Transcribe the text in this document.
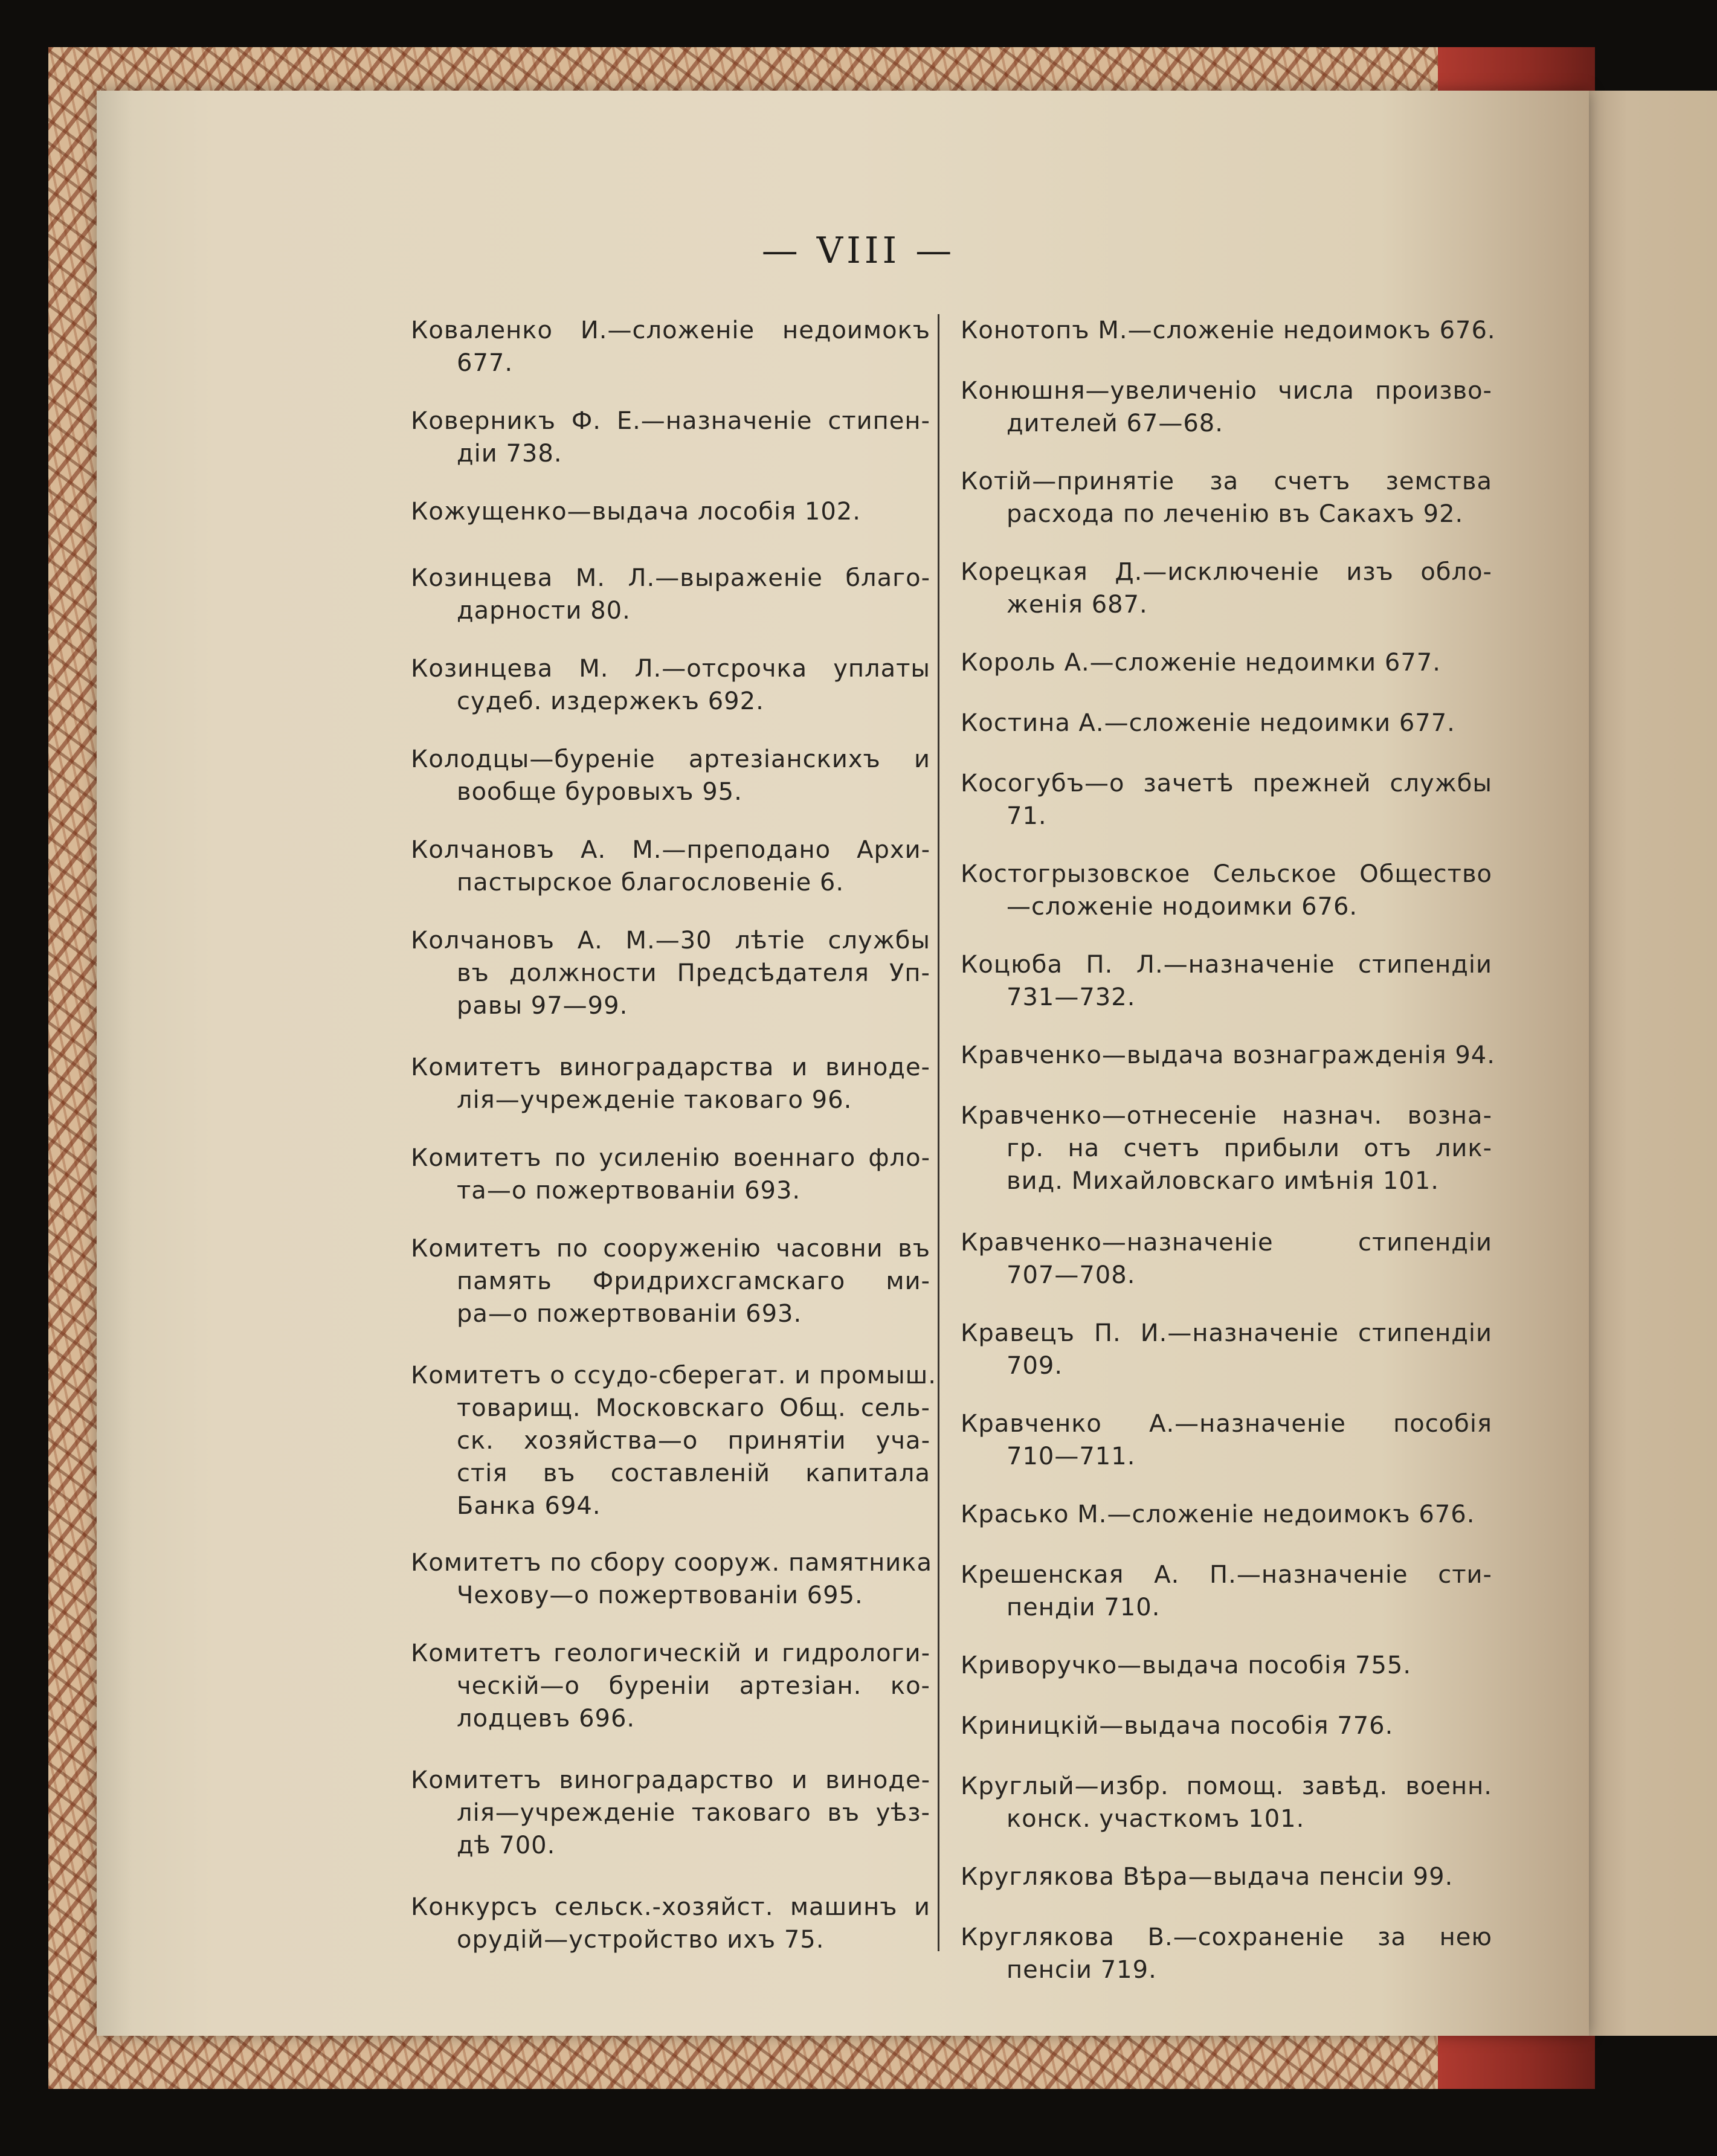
— VIII —
Коваленко И.—сложеніе недоимокъ
677.
Коверникъ Ф. Е.—назначеніе стипен-
діи 738.
Кожущенко—выдача лособія 102.
Козинцева М. Л.—выраженіе благо-
дарности 80.
Козинцева М. Л.—отсрочка уплаты
судеб. издержекъ 692.
Колодцы—буреніе артезіанскихъ и
вообще буровыхъ 95.
Колчановъ А. М.—преподано Архи-
пастырское благословеніе 6.
Колчановъ А. М.—30 лѣтіе службы
въ должности Предсѣдателя Уп-
равы 97—99.
Комитетъ виноградарства и виноде-
лія—учрежденіе таковаго 96.
Комитетъ по усиленію военнаго фло-
та—о пожертвованіи 693.
Комитетъ по сооруженію часовни въ
память Фридрихсгамскаго ми-
ра—о пожертвованіи 693.
Комитетъ о ссудо-сберегат. и промыш.
товарищ. Московскаго Общ. сель-
ск. хозяйства—о принятіи уча-
стія въ составленій капитала
Банка 694.
Комитетъ по сбору сооруж. памятника
Чехову—о пожертвованіи 695.
Комитетъ геологическій и гидрологи-
ческій—о буреніи артезіан. ко-
лодцевъ 696.
Комитетъ виноградарство и виноде-
лія—учрежденіе таковаго въ уѣз-
дѣ 700.
Конкурсъ сельск.-хозяйст. машинъ и
орудій—устройство ихъ 75.
Конотопъ М.—сложеніе недоимокъ 676.
Конюшня—увеличеніо числа произво-
дителей 67—68.
Котій—принятіе за счетъ земства
расхода по леченію въ Сакахъ 92.
Корецкая Д.—исключеніе изъ обло-
женія 687.
Король А.—сложеніе недоимки 677.
Костина А.—сложеніе недоимки 677.
Косогубъ—о зачетѣ прежней службы
71.
Костогрызовское Сельское Общество
—сложеніе нодоимки 676.
Коцюба П. Л.—назначеніе стипендіи
731—732.
Кравченко—выдача вознагражденія 94.
Кравченко—отнесеніе назнач. возна-
гр. на счетъ прибыли отъ лик-
вид. Михайловскаго имѣнія 101.
Кравченко—назначеніе стипендіи
707—708.
Кравецъ П. И.—назначеніе стипендіи
709.
Кравченко А.—назначеніе пособія
710—711.
Красько М.—сложеніе недоимокъ 676.
Крешенская А. П.—назначеніе сти-
пендіи 710.
Криворучко—выдача пособія 755.
Криницкій—выдача пособія 776.
Круглый—избр. помощ. завѣд. военн.
конск. участкомъ 101.
Круглякова Вѣра—выдача пенсіи 99.
Круглякова В.—сохраненіе за нею
пенсіи 719.
